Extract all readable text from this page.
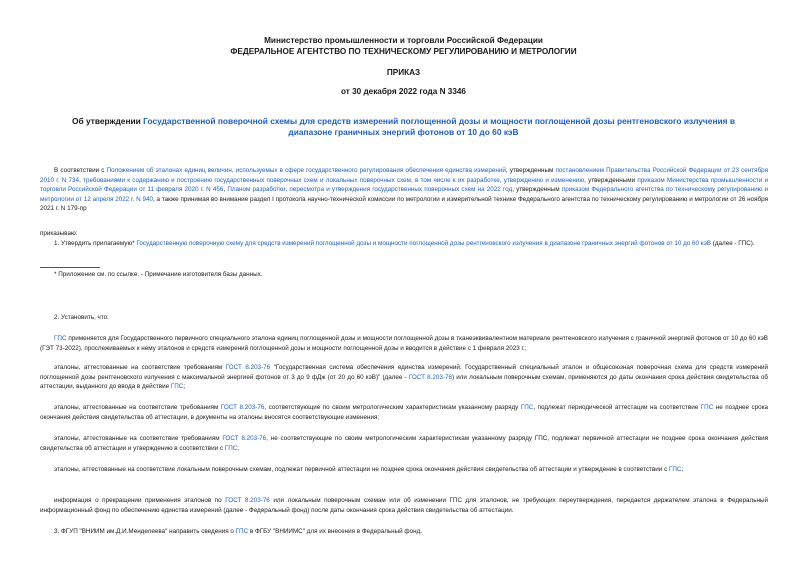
Министерство промышленности и торговли Российской Федерации
ФЕДЕРАЛЬНОЕ АГЕНТСТВО ПО ТЕХНИЧЕСКОМУ РЕГУЛИРОВАНИЮ И МЕТРОЛОГИИ
ПРИКАЗ
от 30 декабря 2022 года N 3346
Об утверждении Государственной поверочной схемы для средств измерений поглощенной дозы и мощности поглощенной дозы рентгеновского излучения в диапазоне граничных энергий фотонов от 10 до 60 кэВ
В соответствии с Положением об эталонах единиц величин, используемых в сфере государственного регулирования обеспечения единства измерений, утвержденным постановлением Правительства Российской Федерации от 23 сентября 2010 г. N 734, требованиями к содержанию и построению государственных поверочных схем и локальных поверочных схем, в том числе к их разработке, утверждению и изменению, утвержденными приказом Министерства промышленности и торговли Российской Федерации от 11 февраля 2020 г. N 456, Планом разработки, пересмотра и утверждения государственных поверочных схем на 2022 год, утвержденным приказом Федерального агентства по техническому регулированию и метрологии от 12 апреля 2022 г. N 940, а также принимая во внимание раздел I протокола научно-технической комиссии по метрологии и измерительной технике Федерального агентства по техническому регулированию и метрологии от 26 ноября 2021 г. N 179-пр
приказываю:
1. Утвердить прилагаемую* Государственную поверочную схему для средств измерений поглощенной дозы и мощности поглощенной дозы рентгеновского излучения в диапазоне граничных энергий фотонов от 10 до 60 кэВ (далее - ГПС).
* Приложение см. по ссылке. - Примечание изготовителя базы данных.
2. Установить, что:
ГПС применяется для Государственного первичного специального эталона единиц поглощенной дозы и мощности поглощенной дозы в тканеэквивалентном материале рентгеновского излучения с граничной энергией фотонов от 10 до 60 кэВ (ГЭТ 73-2022), прослеживаемых к нему эталонов и средств измерений поглощенной дозы и мощности поглощенной дозы и вводится в действие с 1 февраля 2023 г.;
эталоны, аттестованные на соответствие требованиям ГОСТ 8.203-76 "Государственная система обеспечения единства измерений. Государственный специальный эталон и общесоюзная поверочная схема для средств измерений поглощенной дозы рентгеновского излучения с максимальной энергией фотонов от 3 до 9 фДж (от 20 до 60 кэВ)" (далее - ГОСТ 8.203-76) или локальным поверочным схемам, применяются до даты окончания срока действия свидетельства об аттестации, выданного до ввода в действие ГПС;
эталоны, аттестованные на соответствие требованиям ГОСТ 8.203-76, соответствующие по своим метрологическим характеристикам указанному разряду ГПС, подлежат периодической аттестации на соответствие ГПС не позднее срока окончания действия свидетельства об аттестации, в документы на эталоны вносятся соответствующие изменения;
эталоны, аттестованные на соответствие требованиям ГОСТ 8.203-76, не соответствующие по своим метрологическим характеристикам указанному разряду ГПС, подлежат первичной аттестации не позднее срока окончания действия свидетельства об аттестации и утверждению в соответствии с ГПС;
эталоны, аттестованные на соответствие локальным поверочным схемам, подлежат первичной аттестации не позднее срока окончания действия свидетельства об аттестации и утверждение в соответствии с ГПС;
информация о прекращении применения эталонов по ГОСТ 8.203-76 или локальным поверочным схемам или об изменении ГПС для эталонов, не требующих переутверждения, передается держателем эталона в Федеральный информационный фонд по обеспечению единства измерений (далее - Федеральный фонд) после даты окончания срока действия свидетельства об аттестации.
3. ФГУП "ВНИИМ им.Д.И.Менделеева" направить сведения о ГПС в ФГБУ "ВНИИМС" для их внесения в Федеральный фонд.
